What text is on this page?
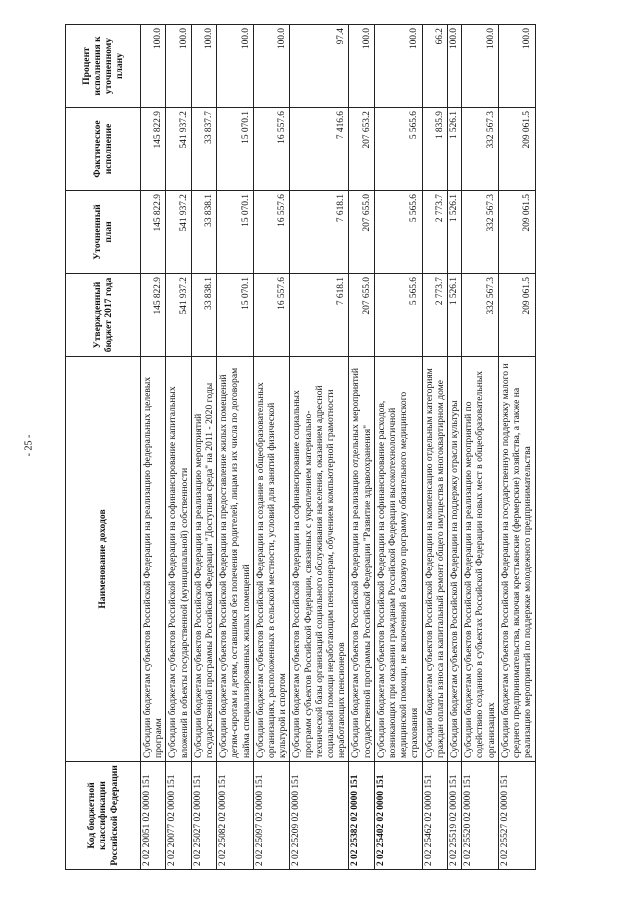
- 25 -
Код бюджетной классификации Российской Федерации	Наименование доходов	Утвержденный бюджет 2017 года	Уточненный план	Фактическое исполнение	Процент исполнения к уточненному плану
2 02 20051 02 0000 151	Субсидии бюджетам субъектов Российской Федерации на реализацию федеральных целевых программ	145 822.9	145 822.9	145 822.9	100.0
2 02 20077 02 0000 151	Субсидии бюджетам субъектов Российской Федерации на софинансирование капитальных вложений в объекты государственной (муниципальной) собственности	541 937.2	541 937.2	541 937.2	100.0
2 02 25027 02 0000 151	Субсидии бюджетам субъектов Российской Федерации на реализацию мероприятий государственной программы Российской Федерации "Доступная среда" на 2011 - 2020 годы	33 838.1	33 838.1	33 837.7	100.0
2 02 25082 02 0000 151	Субсидии бюджетам субъектов Российской Федерации на предоставление жилых помещений детям-сиротам и детям, оставшимся без попечения родителей, лицам из их числа по договорам найма специализированных жилых помещений	15 070.1	15 070.1	15 070.1	100.0
2 02 25097 02 0000 151	Субсидии бюджетам субъектов Российской Федерации на создание в общеобразовательных организациях, расположенных в сельской местности, условий для занятий физической культурой и спортом	16 557.6	16 557.6	16 557.6	100.0
2 02 25209 02 0000 151	Субсидии бюджетам субъектов Российской Федерации на софинансирование социальных программ субъектов Российской Федерации, связанных с укреплением материально-технической базы организаций социального обслуживания населения, оказанием адресной социальной помощи неработающим пенсионерам, обучением компьютерной грамотности неработающих пенсионеров	7 618.1	7 618.1	7 416.6	97.4
2 02 25382 02 0000 151	Субсидии бюджетам субъектов Российской Федерации на реализацию отдельных мероприятий государственной программы Российской Федерации "Развитие здравоохранения"	207 655.0	207 655.0	207 653.2	100.0
2 02 25402 02 0000 151	Субсидии бюджетам субъектов Российской Федерации на софинансирование расходов, возникающих при оказании гражданам Российской Федерации высокотехнологичной медицинской помощи, не включенной в базовую программу обязательного медицинского страхования	5 565.6	5 565.6	5 565.6	100.0
2 02 25462 02 0000 151	Субсидии бюджетам субъектов Российской Федерации на компенсацию отдельным категориям граждан оплаты взноса на капитальный ремонт общего имущества в многоквартирном доме	2 773.7	2 773.7	1 835.9	66.2
2 02 25519 02 0000 151	Субсидия бюджетам субъектов Российской Федерации на поддержку отрасли культуры	1 526.1	1 526.1	1 526.1	100.0
2 02 25520 02 0000 151	Субсидии бюджетам субъектов Российской Федерации на реализацию мероприятий по содействию созданию в субъектах Российской Федерации новых мест в общеобразовательных организациях	332 567.3	332 567.3	332 567.3	100.0
2 02 25527 02 0000 151	Субсидии бюджетам субъектов Российской Федерации на государственную поддержку малого и среднего предпринимательства, включая крестьянские (фермерские) хозяйства, а также на реализацию мероприятий по поддержке молодежного предпринимательства	209 061.5	209 061.5	209 061.5	100.0
